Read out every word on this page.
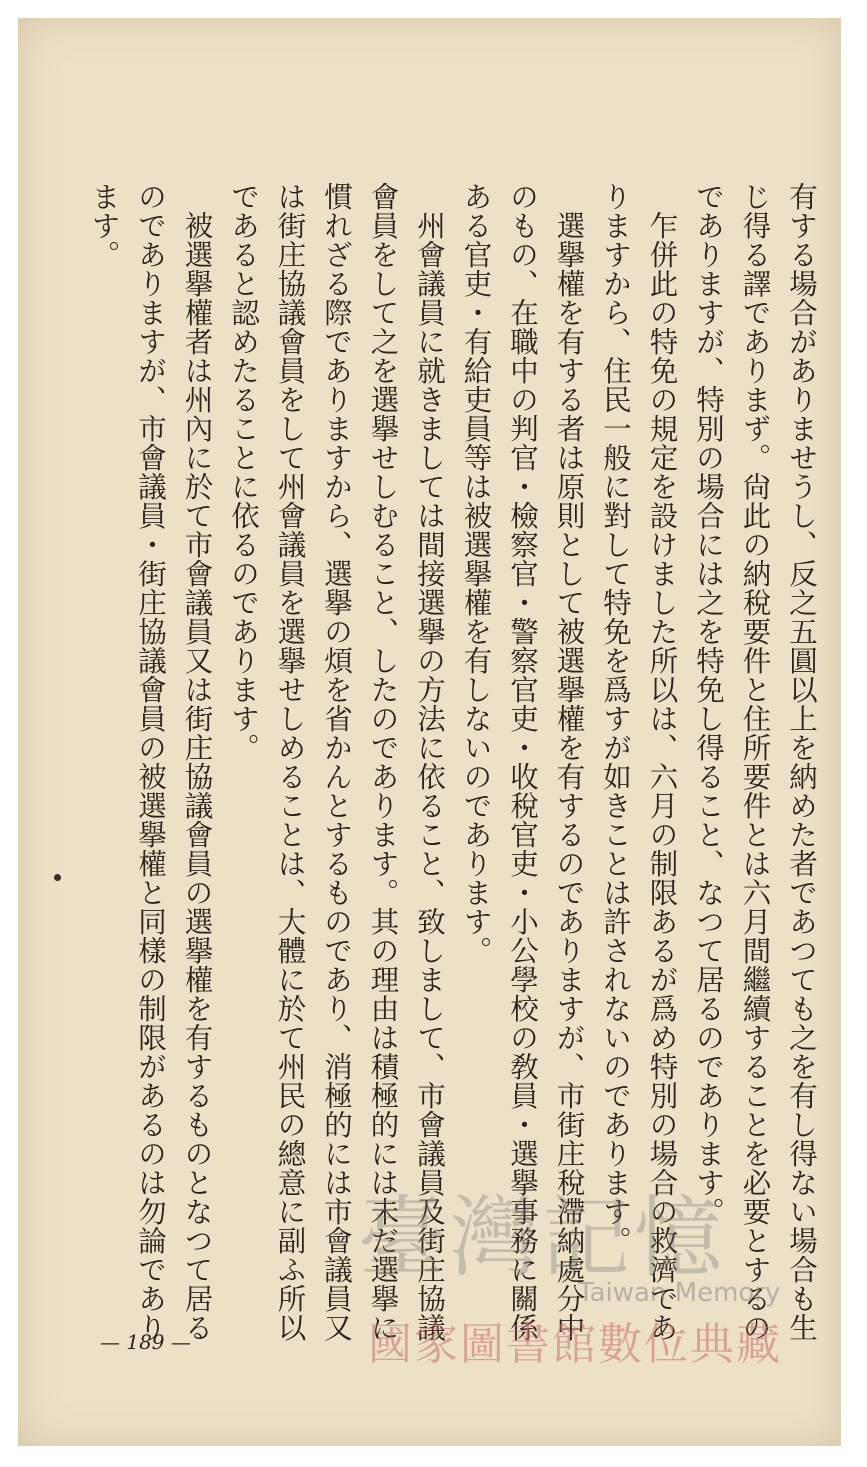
有する場合がありませうし、反之五圓以上を納めた者であつても之を有し得ない場合も生じ得る譯でありまず。尙此の納稅要件と住所要件とは六月間繼續することを必要とするのでありますが、特別の場合には之を特免し得ること、なつて居るのであります。

乍併此の特免の規定を設けました所以は、六月の制限あるが爲め特別の場合の救濟でありますから、住民一般に對して特免を爲すが如きことは許されないのであります。

選擧權を有する者は原則として被選擧權を有するのでありますが、市街庄稅滯納處分中のもの、在職中の判官・檢察官・警察官吏・收稅官吏・小公學校の敎員・選擧事務に關係ある官吏・有給吏員等は被選擧權を有しないのであります。

州會議員に就きましては間接選擧の方法に依ること、致しまして、市會議員及街庄協議會員をして之を選擧せしむること、したのであります。其の理由は積極的には未だ選擧に慣れざる際でありますから、選擧の煩を省かんとするものであり、消極的には市會議員又は街庄協議會員をして州會議員を選擧せしめることは、大體に於て州民の總意に副ふ所以であると認めたることに依るのであります。

被選擧權者は州內に於て市會議員又は街庄協議會員の選擧權を有するものとなつて居るのでありますが、市會議員・街庄協議會員の被選擧權と同樣の制限があるのは勿論であります。

— 189 —
臺灣記憶
Taiwan Memory
國家圖書館數位典藏
